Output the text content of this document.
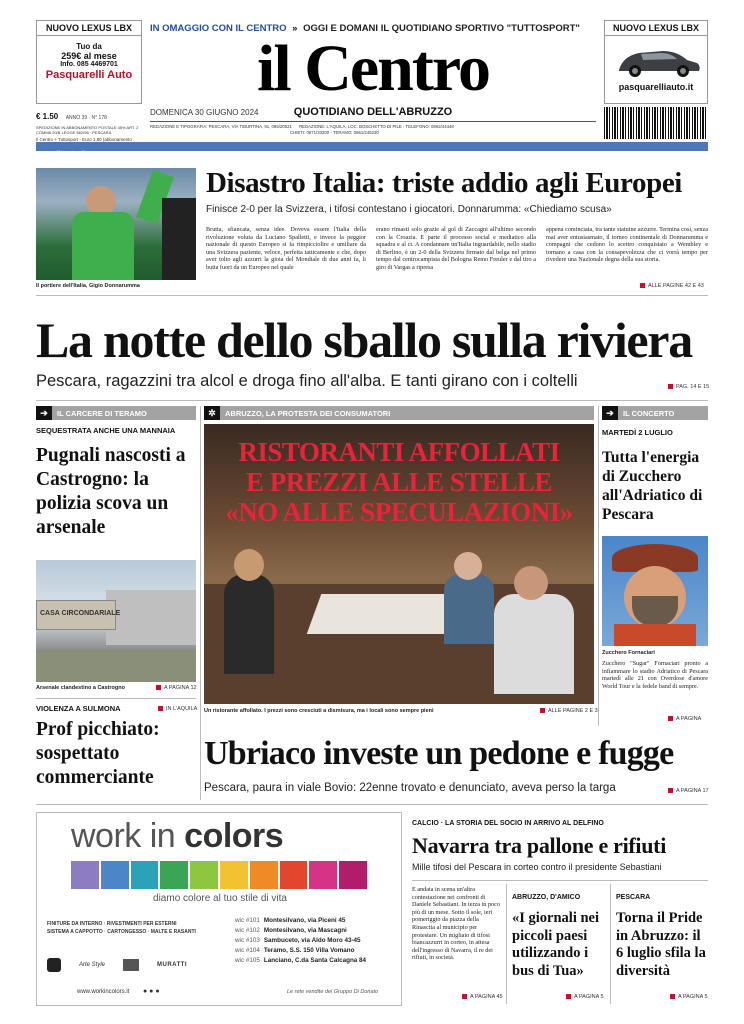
NUOVO LEXUS LBX
Tuo da
259€ al mese
Info. 085 4469701
Pasquarelli Auto
€ 1.50 ANNO 39 · N° 178
SPEDIZIONE IN ABBONAMENTO POSTALE 45% ART. 2 COMMA 20/B LEGGE 662/96 · PESCARA
Il Centro + Tuttosport - Euro 1,80 (abbonamento
IN OMAGGIO CON IL CENTRO » OGGI E DOMANI IL QUOTIDIANO SPORTIVO "TUTTOSPORT"
il Centro
DOMENICA 30 GIUGNO 2024	QUOTIDIANO DELL'ABRUZZO
REDAZIONE E TIPOGRAFIA: PESCARA, VIA TIBURTINA, 91, 085/20521 REDAZIONE: L'AQUILA, LOC. BOSCHETTO DI PILE · TELEFONO: 0862/44448
CHIETI: 0871/33200 · TERAMO: 0861/245230
NUOVO LEXUS LBX
pasquarelliauto.it
www.ilcentro.it
Il portiere dell'Italia, Gigio Donnarumma
Disastro Italia: triste addio agli Europei
Finisce 2-0 per la Svizzera, i tifosi contestano i giocatori. Donnarumma: «Chiediamo scusa»
Brutta, sfiancata, senza idee. Doveva essere l'Italia della rivoluzione voluta da Luciano Spalletti, e invece la peggior nazionale di questo Europeo si fa rimpicciolire e umiliare da una Svizzera paziente, veloce, perfetta tatticamente e che, dopo aver tolto agli azzurri la gioia del Mondiale di due anni fa, li butta fuori da un Europeo nel quale
erano rimasti solo grazie al gol di Zaccagni all'ultimo secondo con la Croazia. E parte il processo social e mediatico alla squadra e al ct. A condannare un'Italia inguardabile, nello stadio di Berlino, è un 2-0 della Svizzera firmato dal belga nel primo tempo dal centrocampista del Bologna Remo Freuler e dal tiro a giro di Vargas a ripresa
appena cominciata, tra tante statuine azzurre. Termina così, senza mai aver entusiasmato, il torneo continentale di Donnarumma e compagni che cedono lo scettro conquistato a Wembley e tornano a casa con la consapevolezza che ci vorrà tempo per rivedere una Nazionale degna della sua storia.
ALLE PAGINE 42 E 43
La notte dello sballo sulla riviera
Pescara, ragazzini tra alcol e droga fino all'alba. E tanti girano con i coltelli	PAG. 14 E 15
➔ IL CARCERE DI TERAMO
SEQUESTRATA ANCHE UNA MANNAIA
Pugnali nascosti a Castrogno: la polizia scova un arsenale
CASA CIRCONDARIALE
Arsenale clandestino a Castrogno	A PAGINA 12
VIOLENZA A SULMONA	IN L'AQUILA
Prof picchiato: sospettato commerciante
✲ ABRUZZO, LA PROTESTA DEI CONSUMATORI
RISTORANTI AFFOLLATI
E PREZZI ALLE STELLE
«NO ALLE SPECULAZIONI»
Un ristorante affollato. I prezzi sono cresciuti a dismisura, ma i locali sono sempre pieni	ALLE PAGINE 2 E 3
➔ IL CONCERTO
MARTEDÌ 2 LUGLIO
Tutta l'energia di Zucchero all'Adriatico di Pescara
Zucchero Fornaciari
Zucchero "Sugar" Fornaciari pronto a infiammare lo stadio Adriatico di Pescara martedì alle 21 con Overdose d'amore World Tour e la fedele band di sempre.
A PAGINA
Ubriaco investe un pedone e fugge
Pescara, paura in viale Bovio: 22enne trovato e denunciato, aveva perso la targa	A PAGINA 17
work in colors
diamo colore al tuo stile di vita
FINITURE DA INTERNO · RIVESTIMENTI PER ESTERNI
SISTEMA A CAPPOTTO · CARTONGESSO · MALTE E RASANTI
wic #101 Montesilvano, via Piceni 45
wic #102 Montesilvano, via Mascagni
wic #103 Sambuceto, via Aldo Moro 43-45
wic #104 Teramo, S.S. 150 Villa Vomano
wic #105 Lanciano, C.da Santa Calcagna 84
Arte Style	MURATTI
www.workincolors.it ● ● ●	Le rete vendite del Gruppo Di Donato
CALCIO · LA STORIA DEL SOCIO IN ARRIVO AL DELFINO
Navarra tra pallone e rifiuti
Mille tifosi del Pescara in corteo contro il presidente Sebastiani
È andata in scena un'altra contestazione nei confronti di Daniele Sebastiani. In terza in poco più di un mese. Sotto il sole, ieri pomeriggio da piazza della Rinascita al municipio per protestare. Un migliaio di tifosi biancazzurri in corteo, in attesa dell'ingresso di Navarra, il re dei rifiuti, in società.
A PAGINA 45
ABRUZZO, D'AMICO
«I giornali nei piccoli paesi utilizzando i bus di Tua»
A PAGINA 5
PESCARA
Torna il Pride in Abruzzo: il 6 luglio sfila la diversità
A PAGINA 5
